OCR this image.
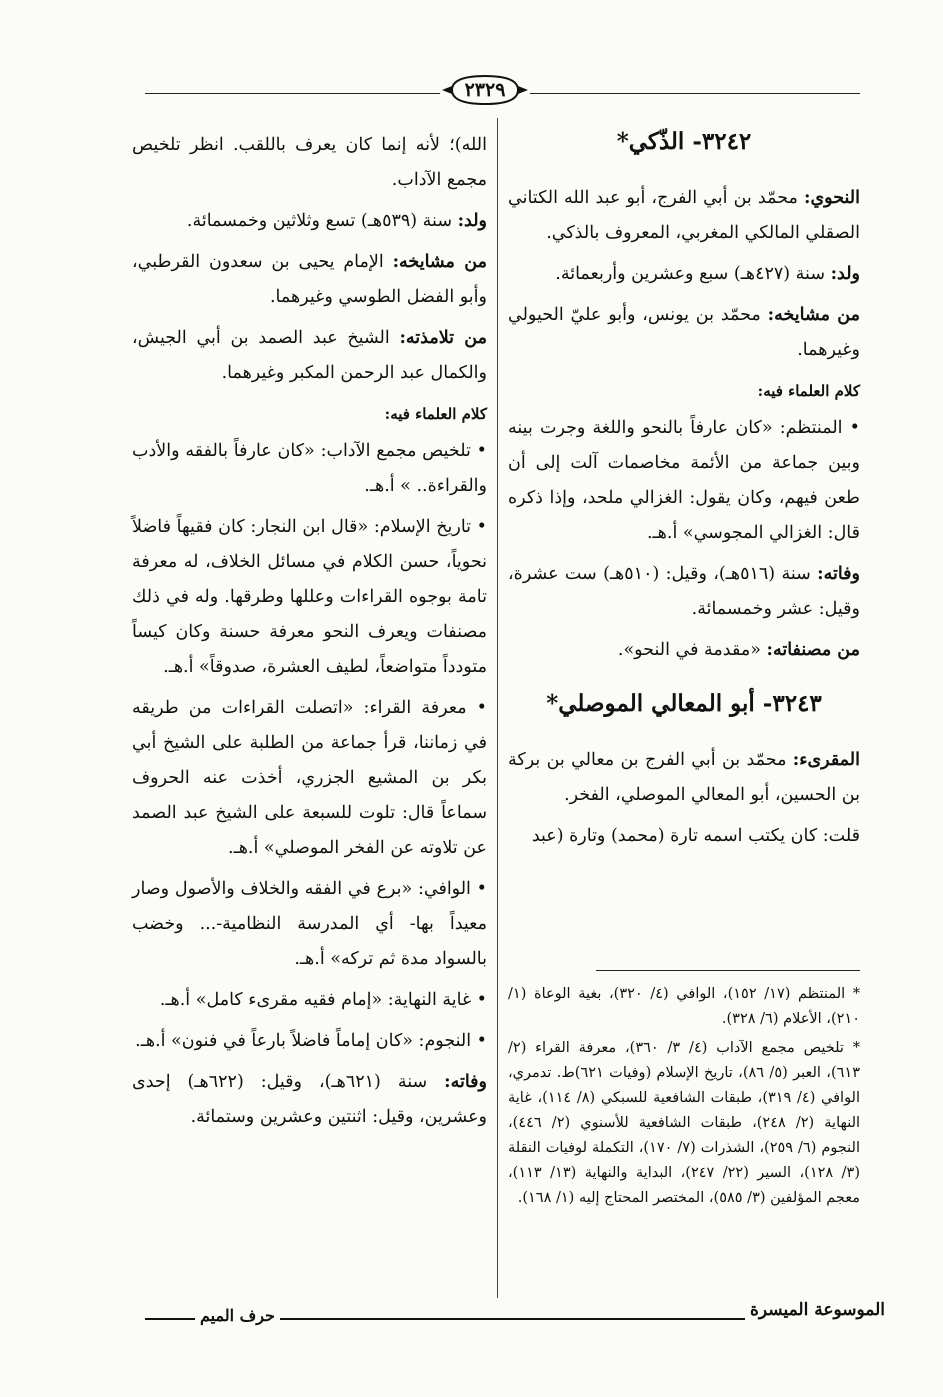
٢٣٢٩

٣٢٤٢- الذّكي*

النحوي: محمّد بن أبي الفرج، أبو عبد الله الكتاني الصقلي المالكي المغربي، المعروف بالذكي.

ولد: سنة (٤٢٧هـ) سبع وعشرين وأربعمائة.

من مشايخه: محمّد بن يونس، وأبو عليّ الحيولي وغيرهما.

كلام العلماء فيه:

• المنتظم: «كان عارفاً بالنحو واللغة وجرت بينه وبين جماعة من الأئمة مخاصمات آلت إلى أن طعن فيهم، وكان يقول: الغزالي ملحد، وإذا ذكره قال: الغزالي المجوسي» أ.هـ.

وفاته: سنة (٥١٦هـ)، وقيل: (٥١٠هـ) ست عشرة، وقيل: عشر وخمسمائة.

من مصنفاته: «مقدمة في النحو».

٣٢٤٣- أبو المعالي الموصلي*

المقرىء: محمّد بن أبي الفرج بن معالي بن بركة بن الحسين، أبو المعالي الموصلي، الفخر.

قلت: كان يكتب اسمه تارة (محمد) وتارة (عبد

* المنتظم (١٧/ ١٥٢)، الوافي (٤/ ٣٢٠)، بغية الوعاة (١/ ٢١٠)، الأعلام (٦/ ٣٢٨).

* تلخيص مجمع الآداب (٤/ ٣/ ٣٦٠)، معرفة القراء (٢/ ٦١٣)، العبر (٥/ ٨٦)، تاريخ الإسلام (وفيات ٦٢١)ط. تدمري، الوافي (٤/ ٣١٩)، طبقات الشافعية للسبكي (٨/ ١١٤)، غاية النهاية (٢/ ٢٤٨)، طبقات الشافعية للأسنوي (٢/ ٤٤٦)، النجوم (٦/ ٢٥٩)، الشذرات (٧/ ١٧٠)، التكملة لوفيات النقلة (٣/ ١٢٨)، السير (٢٢/ ٢٤٧)، البداية والنهاية (١٣/ ١١٣)، معجم المؤلفين (٣/ ٥٨٥)، المختصر المحتاج إليه (١/ ١٦٨).

الله)؛ لأنه إنما كان يعرف باللقب. انظر تلخيص مجمع الآداب.

ولد: سنة (٥٣٩هـ) تسع وثلاثين وخمسمائة.

من مشايخه: الإمام يحيى بن سعدون القرطبي، وأبو الفضل الطوسي وغيرهما.

من تلامذته: الشيخ عبد الصمد بن أبي الجيش، والكمال عبد الرحمن المكبر وغيرهما.

كلام العلماء فيه:

• تلخيص مجمع الآداب: «كان عارفاً بالفقه والأدب والقراءة.. » أ.هـ.

• تاريخ الإسلام: «قال ابن النجار: كان فقيهاً فاضلاً نحوياً، حسن الكلام في مسائل الخلاف، له معرفة تامة بوجوه القراءات وعللها وطرقها. وله في ذلك مصنفات ويعرف النحو معرفة حسنة وكان كيساً متودداً متواضعاً، لطيف العشرة، صدوقاً» أ.هـ.

• معرفة القراء: «اتصلت القراءات من طريقه في زماننا، قرأ جماعة من الطلبة على الشيخ أبي بكر بن المشيع الجزري، أخذت عنه الحروف سماعاً قال: تلوت للسبعة على الشيخ عبد الصمد عن تلاوته عن الفخر الموصلي» أ.هـ.

• الوافي: «برع في الفقه والخلاف والأصول وصار معيداً بها- أي المدرسة النظامية-... وخضب بالسواد مدة ثم تركه» أ.هـ.

• غاية النهاية: «إمام فقيه مقرىء كامل» أ.هـ.

• النجوم: «كان إماماً فاضلاً بارعاً في فنون» أ.هـ.

وفاته: سنة (٦٢١هـ)، وقيل: (٦٢٢هـ) إحدى وعشرين، وقيل: اثنتين وعشرين وستمائة.

الموسوعة الميسرة
حرف الميم
